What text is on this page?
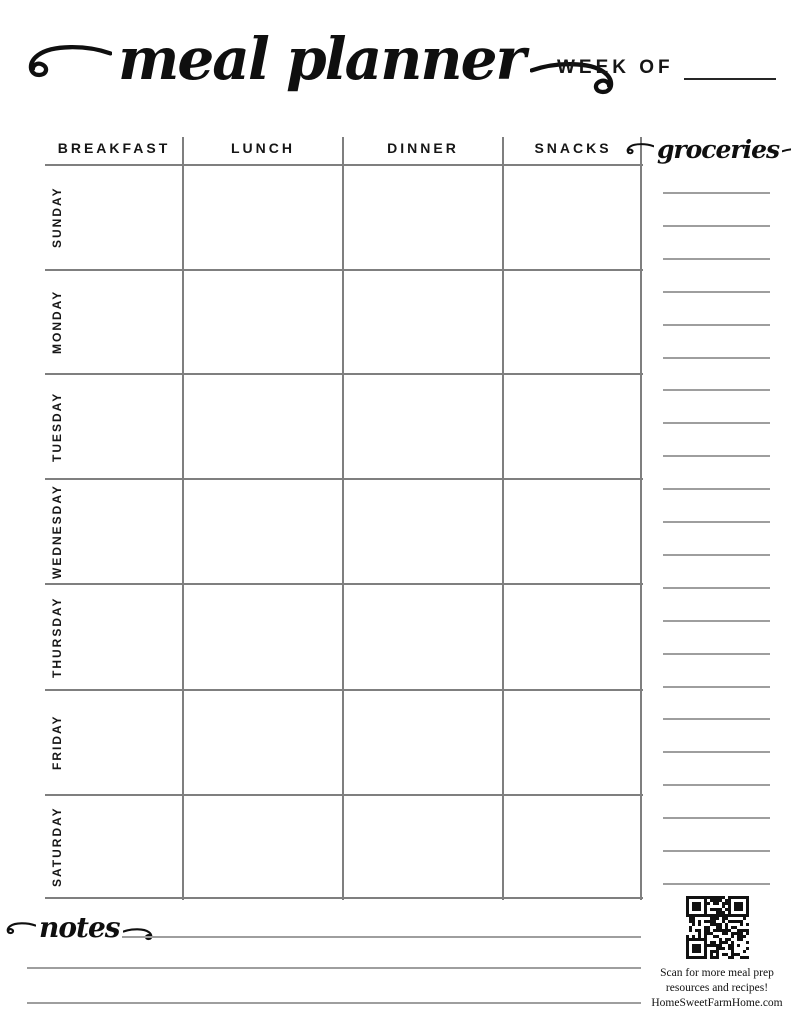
meal planner WEEK OF
BREAKFAST	LUNCH	DINNER	SNACKS
SUNDAY
MONDAY
TUESDAY
WEDNESDAY
THURSDAY
FRIDAY
SATURDAY
groceries
notes
Scan for more meal prep
resources and recipes!
HomeSweetFarmHome.com
